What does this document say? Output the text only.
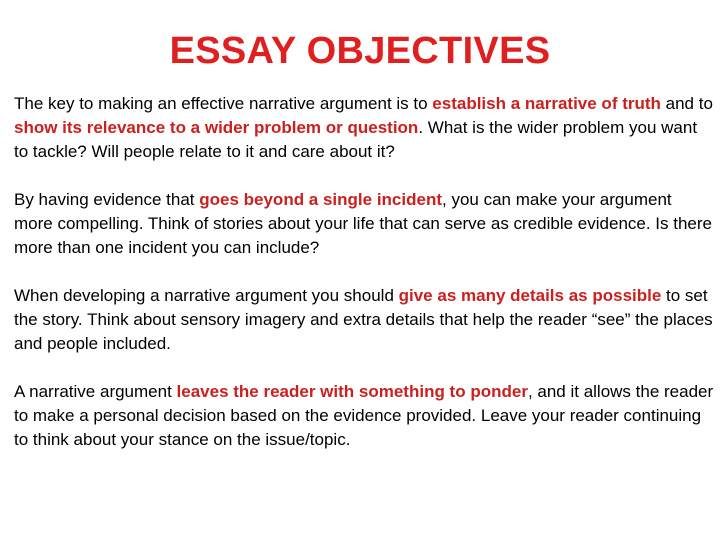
ESSAY OBJECTIVES

The key to making an effective narrative argument is to establish a narrative of truth and to show its relevance to a wider problem or question. What is the wider problem you want to tackle? Will people relate to it and care about it?

By having evidence that goes beyond a single incident, you can make your argument more compelling. Think of stories about your life that can serve as credible evidence. Is there more than one incident you can include?

When developing a narrative argument you should give as many details as possible to set the story. Think about sensory imagery and extra details that help the reader “see” the places and people included.

A narrative argument leaves the reader with something to ponder, and it allows the reader to make a personal decision based on the evidence provided. Leave your reader continuing to think about your stance on the issue/topic.
